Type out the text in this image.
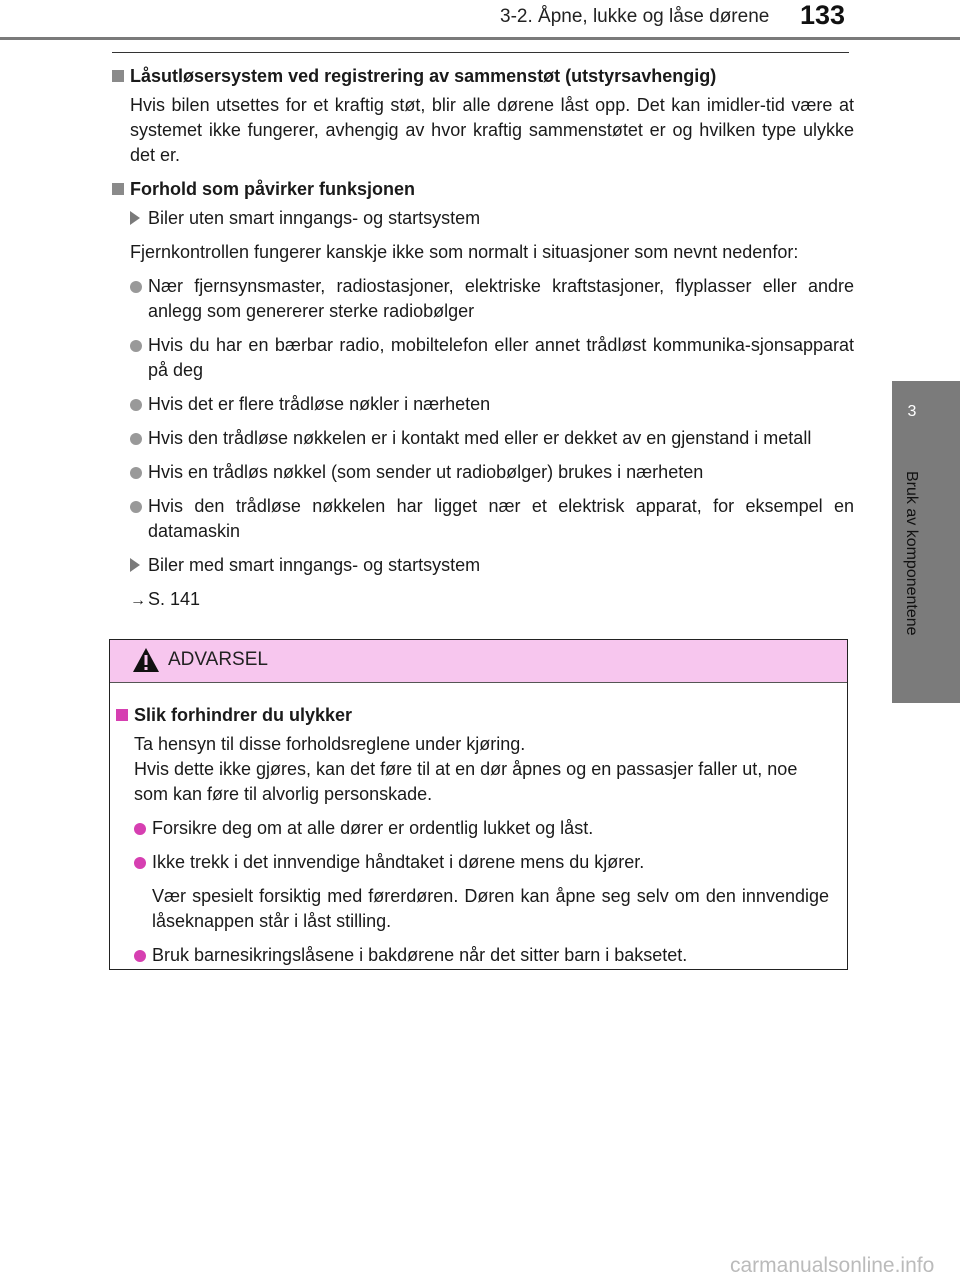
3-2. Åpne, lukke og låse dørene 133
3
Bruk av komponentene
Låsutløsersystem ved registrering av sammenstøt (utstyrsavhengig)
Hvis bilen utsettes for et kraftig støt, blir alle dørene låst opp. Det kan imidler-tid være at systemet ikke fungerer, avhengig av hvor kraftig sammenstøtet er og hvilken type ulykke det er.
Forhold som påvirker funksjonen
Biler uten smart inngangs- og startsystem
Fjernkontrollen fungerer kanskje ikke som normalt i situasjoner som nevnt nedenfor:
Nær fjernsynsmaster, radiostasjoner, elektriske kraftstasjoner, flyplasser eller andre anlegg som genererer sterke radiobølger
Hvis du har en bærbar radio, mobiltelefon eller annet trådløst kommunika-sjonsapparat på deg
Hvis det er flere trådløse nøkler i nærheten
Hvis den trådløse nøkkelen er i kontakt med eller er dekket av en gjenstand i metall
Hvis en trådløs nøkkel (som sender ut radiobølger) brukes i nærheten
Hvis den trådløse nøkkelen har ligget nær et elektrisk apparat, for eksempel en datamaskin
Biler med smart inngangs- og startsystem
→ S. 141
ADVARSEL
Slik forhindrer du ulykker
Ta hensyn til disse forholdsreglene under kjøring.
Hvis dette ikke gjøres, kan det føre til at en dør åpnes og en passasjer faller ut, noe som kan føre til alvorlig personskade.
Forsikre deg om at alle dører er ordentlig lukket og låst.
Ikke trekk i det innvendige håndtaket i dørene mens du kjører.
Vær spesielt forsiktig med førerdøren. Døren kan åpne seg selv om den innvendige låseknappen står i låst stilling.
Bruk barnesikringslåsene i bakdørene når det sitter barn i baksetet.
carmanualsonline.info
